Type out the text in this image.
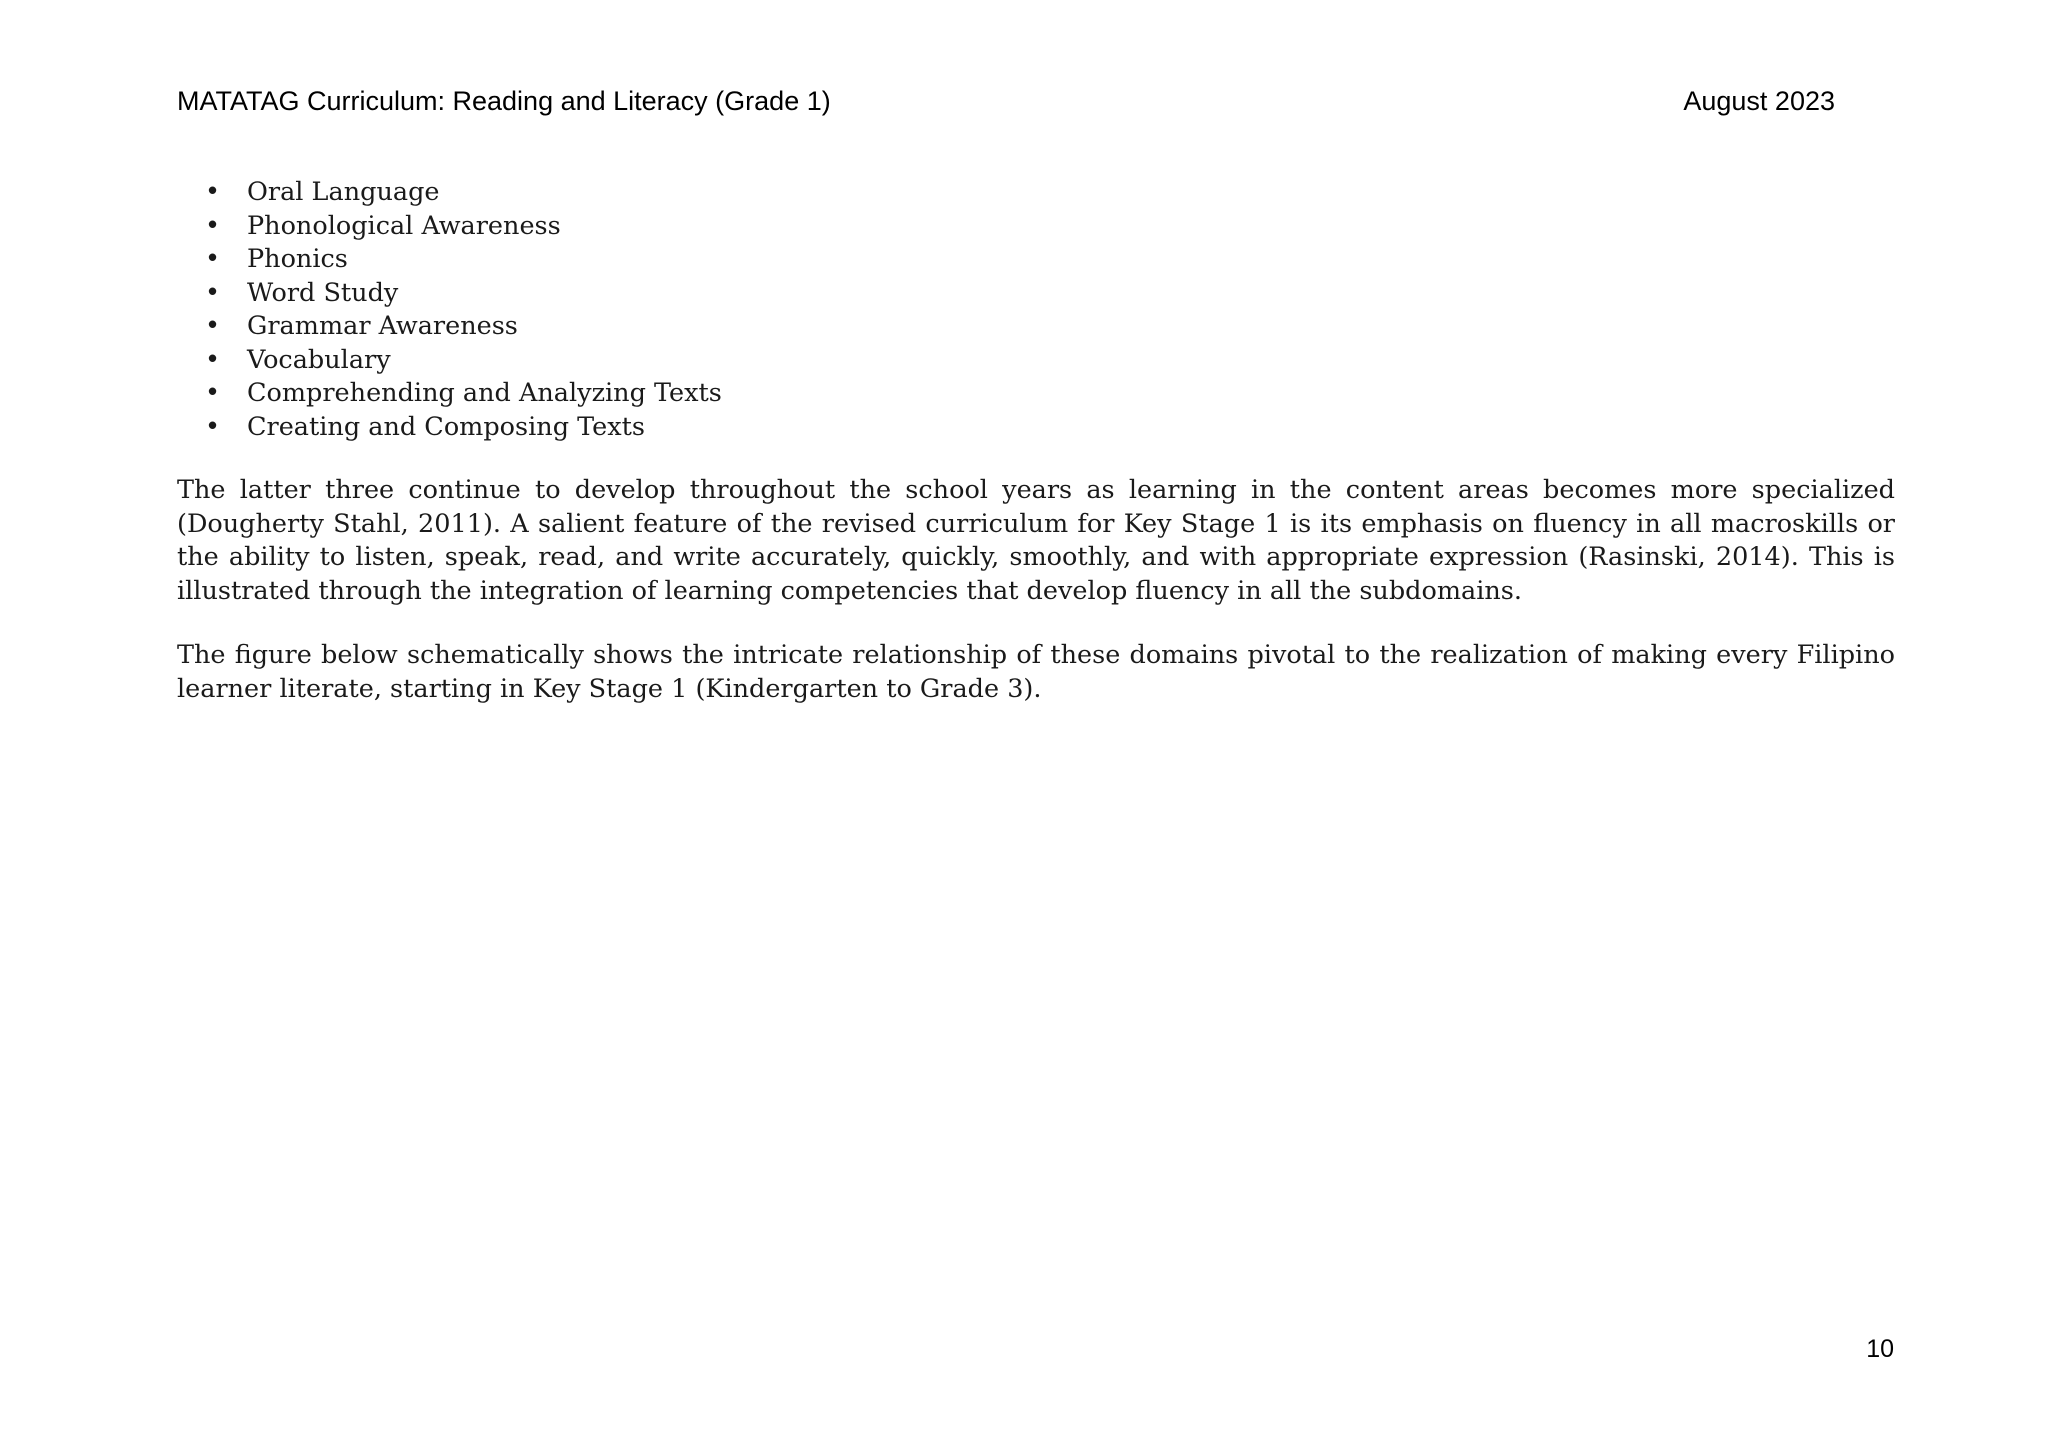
MATATAG Curriculum: Reading and Literacy (Grade 1)	August 2023
• Oral Language
• Phonological Awareness
• Phonics
• Word Study
• Grammar Awareness
• Vocabulary
• Comprehending and Analyzing Texts
• Creating and Composing Texts

The latter three continue to develop throughout the school years as learning in the content areas becomes more specialized (Dougherty Stahl, 2011). A salient feature of the revised curriculum for Key Stage 1 is its emphasis on fluency in all macroskills or the ability to listen, speak, read, and write accurately, quickly, smoothly, and with appropriate expression (Rasinski, 2014). This is illustrated through the integration of learning competencies that develop fluency in all the subdomains.

The figure below schematically shows the intricate relationship of these domains pivotal to the realization of making every Filipino learner literate, starting in Key Stage 1 (Kindergarten to Grade 3).

10
